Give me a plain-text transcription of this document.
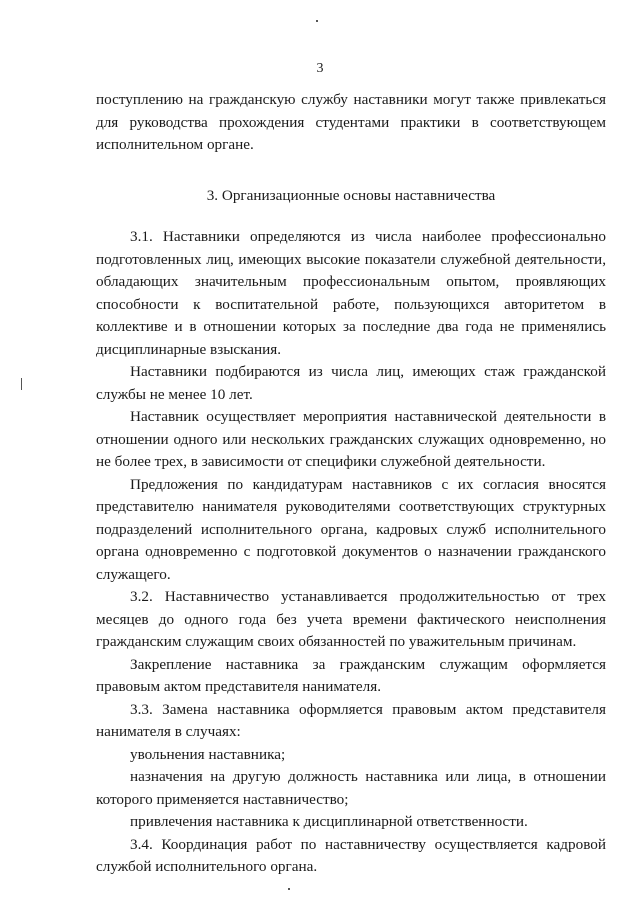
3

поступлению на гражданскую службу наставники могут также привлекаться для руководства прохождения студентами практики в соответствующем исполнительном органе.

3. Организационные основы наставничества

3.1. Наставники определяются из числа наиболее профессионально подготовленных лиц, имеющих высокие показатели служебной деятельности, обладающих значительным профессиональным опытом, проявляющих способности к воспитательной работе, пользующихся авторитетом в коллективе и в отношении которых за последние два года не применялись дисциплинарные взыскания.

Наставники подбираются из числа лиц, имеющих стаж гражданской службы не менее 10 лет.

Наставник осуществляет мероприятия наставнической деятельности в отношении одного или нескольких гражданских служащих одновременно, но не более трех, в зависимости от специфики служебной деятельности.

Предложения по кандидатурам наставников с их согласия вносятся представителю нанимателя руководителями соответствующих структурных подразделений исполнительного органа, кадровых служб исполнительного органа одновременно с подготовкой документов о назначении гражданского служащего.

3.2. Наставничество устанавливается продолжительностью от трех месяцев до одного года без учета времени фактического неисполнения гражданским служащим своих обязанностей по уважительным причинам.

Закрепление наставника за гражданским служащим оформляется правовым актом представителя нанимателя.

3.3. Замена наставника оформляется правовым актом представителя нанимателя в случаях:

увольнения наставника;

назначения на другую должность наставника или лица, в отношении которого применяется наставничество;

привлечения наставника к дисциплинарной ответственности.

3.4. Координация работ по наставничеству осуществляется кадровой службой исполнительного органа.
